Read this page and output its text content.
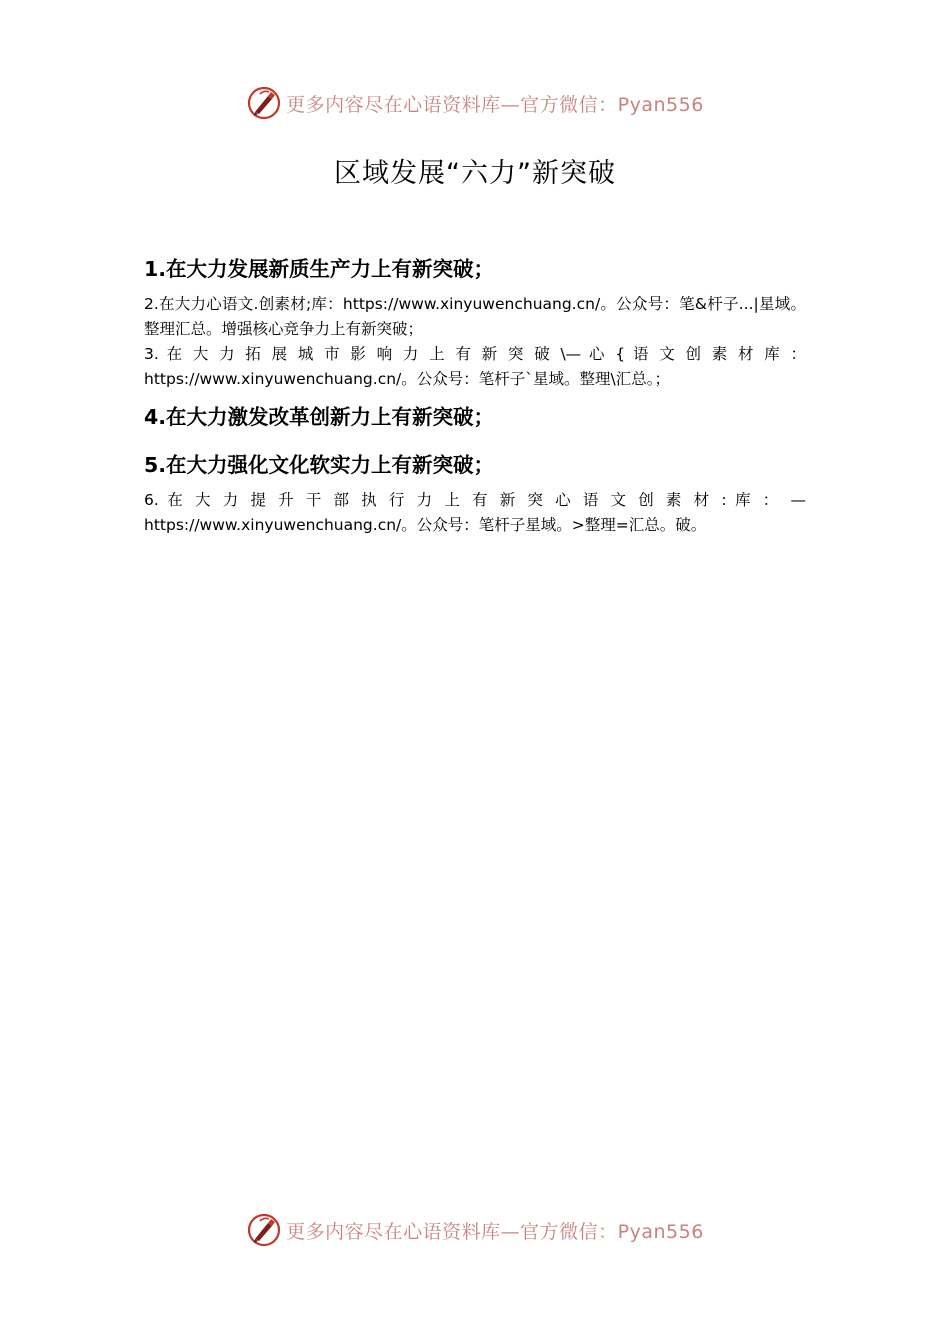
更多内容尽在心语资料库—官方微信：Pyan556
区域发展“六力”新突破
1.在大力发展新质生产力上有新突破；
2.在大力心语文.创素材;库：https://www.xinyuwenchuang.cn/。公众号：笔&杆子...|星域。整理汇总。增强核心竞争力上有新突破；
3. 在 大 力 拓 展 城 市 影 响 力 上 有 新 突 破 \— 心 { 语 文 创 素 材 库 ： https://www.xinyuwenchuang.cn/。公众号：笔杆子`星域。整理\汇总。；
4.在大力激发改革创新力上有新突破；
5.在大力强化文化软实力上有新突破；
6. 在 大 力 提 升 干 部 执 行 力 上 有 新 突 心 语 文 创 素 材 : 库 ： — https://www.xinyuwenchuang.cn/。公众号：笔杆子星域。>整理=汇总。破。
更多内容尽在心语资料库—官方微信：Pyan556
